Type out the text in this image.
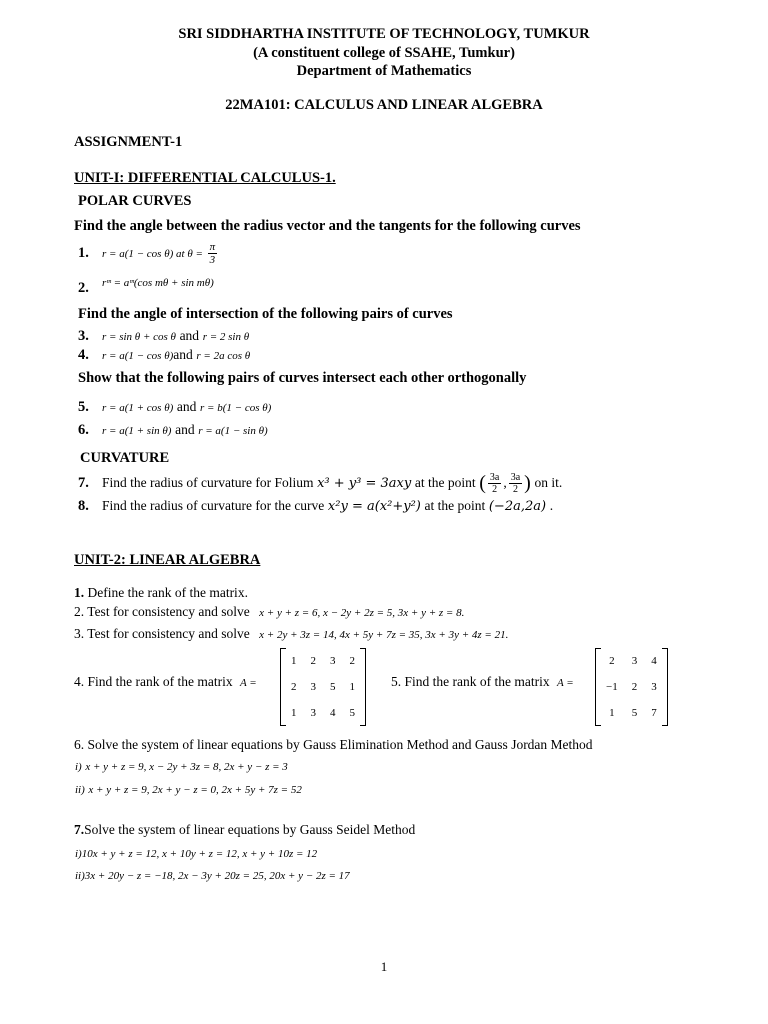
SRI SIDDHARTHA INSTITUTE OF TECHNOLOGY, TUMKUR
(A constituent college of SSAHE, Tumkur)
Department of Mathematics
22MA101: CALCULUS AND LINEAR ALGEBRA
ASSIGNMENT-1
UNIT-I: DIFFERENTIAL CALCULUS-1.
POLAR CURVES
Find the angle between the radius vector and the tangents for the following curves
1. r = a(1 − cos θ) at $\theta = \frac{\pi}{3}$
2. $^{rᵐ = aᵐ(cos m\theta + sin m\theta)}$
Find the angle of intersection of the following pairs of curves
3. r = sin θ + cos θ and r = 2 sin θ
4. r = a(1 − cos θ)and r = 2a cos θ
Show that the following pairs of curves intersect each other orthogonally
5. r = a(1 + cos θ) and r = b(1 − cos θ)
6. r = a(1 + sin θ) and r = a(1 − sin θ)
CURVATURE
7. Find the radius of curvature for Folium x³ + y³ = 3axy at the point ( $\frac{3a}{2}$ , $\frac{3a}{2}$ ) on it.
8. Find the radius of curvature for the curve x²y = a(x²+y²) at the point (−2a,2a) .
UNIT-2: LINEAR ALGEBRA
1. Define the rank of the matrix.
2. Test for consistency and solve x + y + z = 6, x − 2y + 2z = 5, 3x + y + z = 8.
3. Test for consistency and solve x + 2y + 3z = 14, 4x + 5y + 7z = 35, 3x + 3y + 4z = 21.
4. Find the rank of the matrix A =
1	2	3	2
2	3	5	1
1	3	4	5
5. Find the rank of the matrix A =
2	3	4
−1	2	3
1	5	7
6. Solve the system of linear equations by Gauss Elimination Method and Gauss Jordan Method
i) x + y + z = 9, x − 2y + 3z = 8, 2x + y − z = 3
ii) x + y + z = 9, 2x + y − z = 0, 2x + 5y + 7z = 52
7.Solve the system of linear equations by Gauss Seidel Method
i)10x + y + z = 12, x + 10y + z = 12, x + y + 10z = 12
ii)3x + 20y − z = −18, 2x − 3y + 20z = 25, 20x + y − 2z = 17
1
